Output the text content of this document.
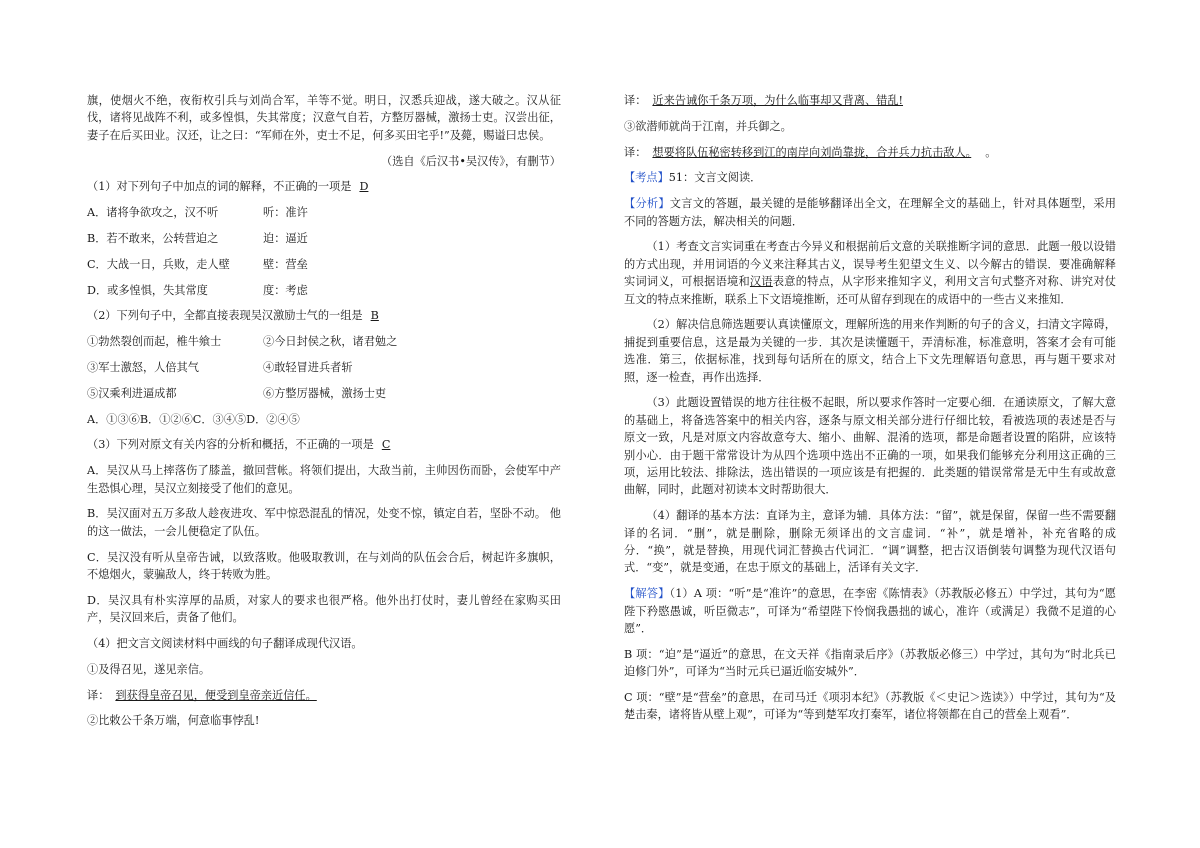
旗，使烟火不绝，夜衔枚引兵与刘尚合军，羊等不觉。明日，汉悉兵迎战，遂大破之。汉从征伐，诸将见战阵不利，或多惶惧，失其常度；汉意气自若，方整厉器械，激扬士吏。汉尝出征，妻子在后买田业。汉还，让之曰：“军师在外，吏士不足，何多买田宅乎!”及薨，赐谥曰忠侯。

（选自《后汉书•吴汉传》，有删节）

（1）对下列句子中加点的词的解释，不正确的一项是 D

A．诸将争欲攻之，汉不听	听：准许
B．若不敢来，公转营迫之	迫：逼近
C．大战一日，兵败，走人壁	壁：营垒
D．或多惶惧，失其常度	度：考虑

（2）下列句子中，全都直接表现吴汉激励士气的一组是 B

①勃然裂创而起，椎牛飨士	②今日封侯之秋，诸君勉之
③军士激怒，人倍其气	④敢轻冒进兵者斩
⑤汉乘利进逼成都	⑥方整厉器械，激扬士吏

A．①③⑥B．①②⑥C．③④⑤D．②④⑤

（3）下列对原文有关内容的分析和概括，不正确的一项是 C

A．吴汉从马上摔落伤了膝盖，撤回营帐。将领们提出，大敌当前，主帅因伤而卧，会使军中产生恐惧心理，吴汉立刻接受了他们的意见。

B．吴汉面对五万多敌人趁夜进攻、军中惊恐混乱的情况，处变不惊，镇定自若，坚卧不动。 他的这一做法，一会儿便稳定了队伍。

C．吴汉没有听从皇帝告诫，以致落败。他吸取教训，在与刘尚的队伍会合后，树起许多旗帜，不熄烟火，蒙骗敌人，终于转败为胜。

D．吴汉具有朴实淳厚的品质，对家人的要求也很严格。他外出打仗时，妻儿曾经在家购买田产，吴汉回来后，责备了他们。

（4）把文言文阅读材料中画线的句子翻译成现代汉语。

①及得召见，遂见亲信。

译： 到获得皇帝召见，便受到皇帝亲近信任。

②比敕公千条万端，何意临事悖乱!

译： 近来告诫你千条万项，为什么临事却又背离、错乱!

③欲潜师就尚于江南，并兵御之。

译： 想要将队伍秘密转移到江的南岸向刘尚靠拢，合并兵力抗击敌人。 。

【考点】51：文言文阅读．

【分析】文言文的答题，最关键的是能够翻译出全文，在理解全文的基础上，针对具体题型，采用不同的答题方法，解决相关的问题．

（1）考查文言实词重在考查古今异义和根据前后文意的关联推断字词的意思．此题一般以设错的方式出现，并用词语的今义来注释其古义，误导考生犯望文生义、以今解古的错误．要准确解释实词词义，可根据语境和汉语表意的特点，从字形来推知字义，利用文言句式整齐对称、讲究对仗互文的特点来推断，联系上下文语境推断，还可从留存到现在的成语中的一些古义来推知．

（2）解决信息筛选题要认真读懂原文，理解所选的用来作判断的句子的含义，扫清文字障碍，捕捉到重要信息，这是最为关键的一步．其次是读懂题干，弄清标准，标准意明，答案才会有可能选准．第三，依据标准，找到每句话所在的原文，结合上下文先理解语句意思，再与题干要求对照，逐一检查，再作出选择．

（3）此题设置错误的地方往往极不起眼，所以要求作答时一定要心细．在通读原文，了解大意的基础上，将备选答案中的相关内容，逐条与原文相关部分进行仔细比较，看被选项的表述是否与原文一致，凡是对原文内容故意夸大、缩小、曲解、混淆的选项，都是命题者设置的陷阱，应该特别小心．由于题干常常设计为从四个选项中选出不正确的一项，如果我们能够充分利用这正确的三项，运用比较法、排除法，选出错误的一项应该是有把握的．此类题的错误常常是无中生有或故意曲解，同时，此题对初读本文时帮助很大．

（4）翻译的基本方法：直译为主，意译为辅．具体方法：“留”，就是保留，保留一些不需要翻译的名词．“删”，就是删除，删除无须译出的文言虚词．“补”，就是增补，补充省略的成分．“换”，就是替换，用现代词汇替换古代词汇．“调”调整，把古汉语倒装句调整为现代汉语句式．“变”，就是变通，在忠于原文的基础上，活译有关文字．

【解答】（1）A 项：“听”是“准许”的意思，在李密《陈情表》（苏教版必修五）中学过，其句为“愿陛下矜愍愚诚，听臣微志”，可译为“希望陛下怜悯我愚拙的诚心，准许（或满足）我微不足道的心愿”．

B 项：“迫”是“逼近”的意思，在文天祥《指南录后序》（苏教版必修三）中学过，其句为“时北兵已迫修门外”，可译为“当时元兵已逼近临安城外”．

C 项：“壁”是“营垒”的意思，在司马迁《项羽本纪》（苏教版《＜史记＞选读》）中学过，其句为“及楚击秦，诸将皆从壁上观”，可译为“等到楚军攻打秦军，诸位将领都在自己的营垒上观看”．
